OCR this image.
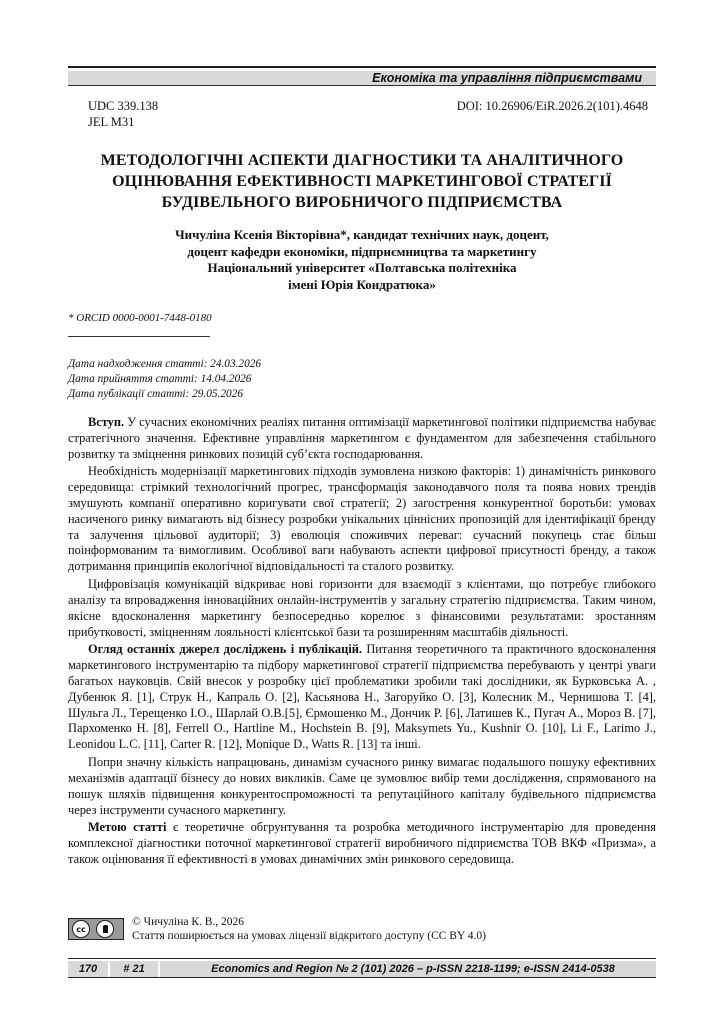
Економіка та управління підприємствами
UDC 339.138
JEL M31
DOI: 10.26906/EiR.2026.2(101).4648
МЕТОДОЛОГІЧНІ АСПЕКТИ ДІАГНОСТИКИ ТА АНАЛІТИЧНОГО
ОЦІНЮВАННЯ ЕФЕКТИВНОСТІ МАРКЕТИНГОВОЇ СТРАТЕГІЇ
БУДІВЕЛЬНОГО ВИРОБНИЧОГО ПІДПРИЄМСТВА
Чичуліна Ксенія Вікторівна*, кандидат технічних наук, доцент,
доцент кафедри економіки, підприємництва та маркетингу
Національний університет «Полтавська політехніка
імені Юрія Кондратюка»
* ORCID 0000-0001-7448-0180
Дата надходження статті: 24.03.2026
Дата прийняття статті: 14.04.2026
Дата публікації статті: 29.05.2026

Вступ. У сучасних економічних реаліях питання оптимізації маркетингової політики підприємства набуває стратегічного значення. Ефективне управління маркетингом є фундаментом для забезпечення стабільного розвитку та зміцнення ринкових позицій суб’єкта господарювання.

Необхідність модернізації маркетингових підходів зумовлена низкою факторів: 1) динамічність ринкового середовища: стрімкий технологічний прогрес, трансформація законодавчого поля та поява нових трендів змушують компанії оперативно коригувати свої стратегії; 2) загострення конкурентної боротьби: умовах насиченого ринку вимагають від бізнесу розробки унікальних ціннісних пропозицій для ідентифікації бренду та залучення цільової аудиторії; 3) еволюція споживчих переваг: сучасний покупець стає більш поінформованим та вимогливим. Особливої ваги набувають аспекти цифрової присутності бренду, а також дотримання принципів екологічної відповідальності та сталого розвитку.

Цифровізація комунікацій відкриває нові горизонти для взаємодії з клієнтами, що потребує глибокого аналізу та впровадження інноваційних онлайн-інструментів у загальну стратегію підприємства. Таким чином, якісне вдосконалення маркетингу безпосередньо корелює з фінансовими результатами: зростанням прибутковості, зміцненням лояльності клієнтської бази та розширенням масштабів діяльності.

Огляд останніх джерел досліджень і публікацій. Питання теоретичного та практичного вдосконалення маркетингового інструментарію та підбору маркетингової стратегії підприємства перебувають у центрі уваги багатьох науковців. Свій внесок у розробку цієї проблематики зробили такі дослідники, як Бурковська А. , Дубенюк Я. [1], Струк Н., Капраль О. [2], Касьянова Н., Загоруйко О. [3], Колесник М., Чернишова Т. [4], Шульга Л., Терещенко І.О., Шарлай О.В.[5], Єрмошенко М., Дончик Р. [6], Латишев К., Пугач А., Мороз В. [7], Пархоменко Н. [8], Ferrell O., Hartline M., Hochstein B. [9], Maksymets Yu., Kushnir O. [10], Li F., Larimo J., Leonidou L.C. [11], Carter R. [12], Monique D., Watts R. [13] та інші.

Попри значну кількість напрацювань, динамізм сучасного ринку вимагає подальшого пошуку ефективних механізмів адаптації бізнесу до нових викликів. Саме це зумовлює вибір теми дослідження, спрямованого на пошук шляхів підвищення конкурентоспроможності та репутаційного капіталу будівельного підприємства через інструменти сучасного маркетингу.

Метою статті є теоретичне обгрунтування та розробка методичного інструментарію для проведення комплексної діагностики поточної маркетингової стратегії виробничого підприємства ТОВ ВКФ «Призма», а також оцінювання її ефективності в умовах динамічних змін ринкового середовища.

cc
© Чичуліна К. В., 2026
Стаття поширюється на умовах ліцензії відкритого доступу (CC BY 4.0)
170	# 21	Economics and Region № 2 (101) 2026 – p-ISSN 2218-1199; e-ISSN 2414-0538
